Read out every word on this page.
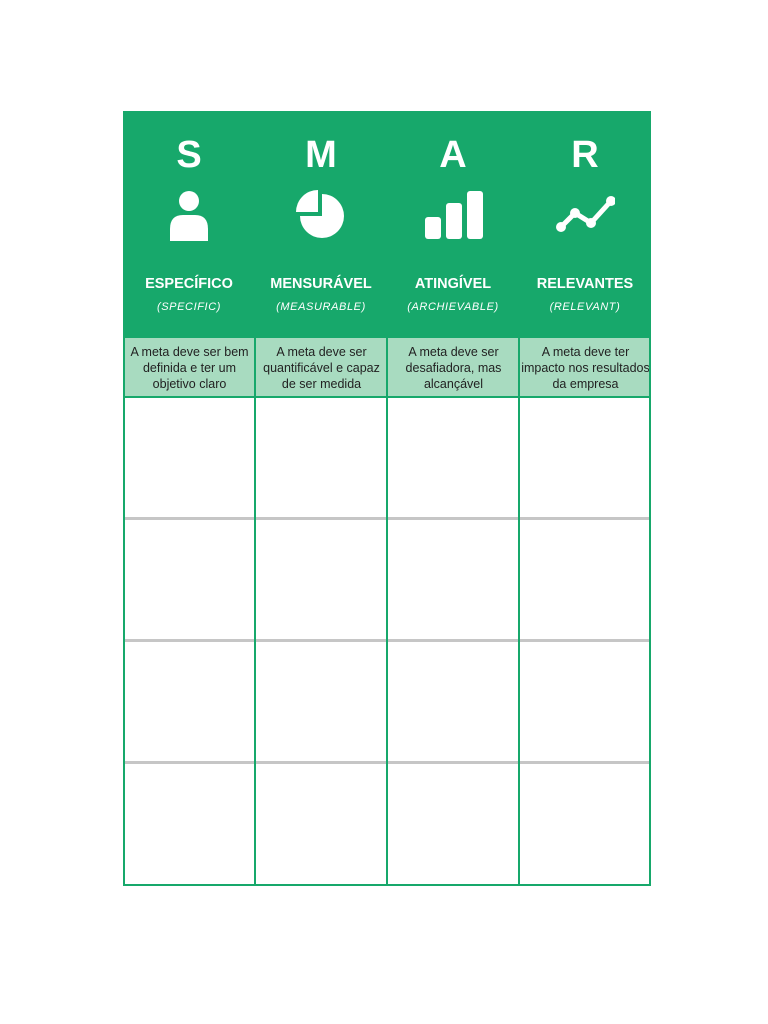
S
ESPECÍFICO
(SPECIFIC)
M
MENSURÁVEL
(MEASURABLE)
A
ATINGÍVEL
(ARCHIEVABLE)
R
RELEVANTES
(RELEVANT)
A meta deve ser bem definida e ter um objetivo claro
A meta deve ser quantificável e capaz de ser medida
A meta deve ser desafiadora, mas alcançável
A meta deve ter impacto nos resultados da empresa
